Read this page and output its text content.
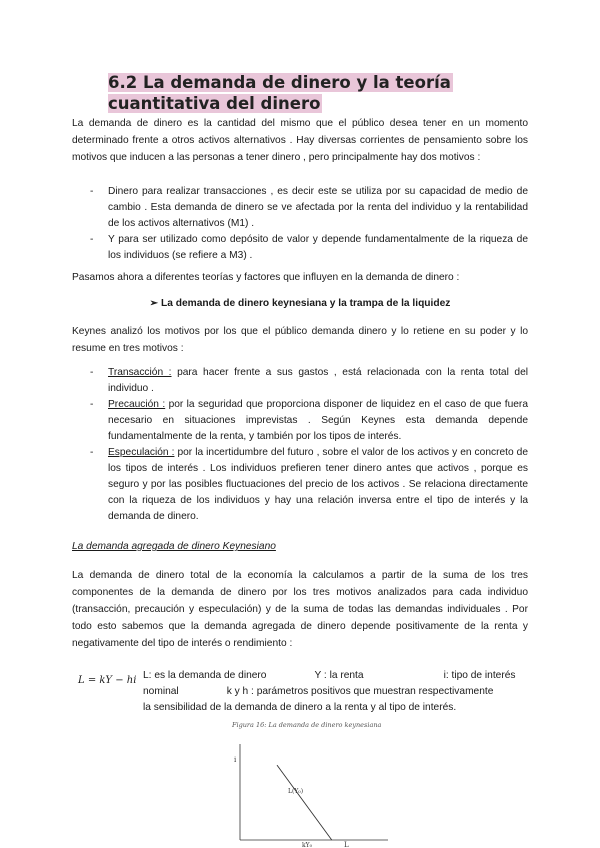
6.2 La demanda de dinero y la teoría cuantitativa del dinero
La demanda de dinero es la cantidad del mismo que el público desea tener en un momento determinado frente a otros activos alternativos . Hay diversas corrientes de pensamiento sobre los motivos que inducen a las personas a tener dinero , pero principalmente hay dos motivos :
- Dinero para realizar transacciones , es decir este se utiliza por su capacidad de medio de cambio . Esta demanda de dinero se ve afectada por la renta del individuo y la rentabilidad de los activos alternativos (M1) .
- Y para ser utilizado como depósito de valor y depende fundamentalmente de la riqueza de los individuos (se refiere a M3) .
Pasamos ahora a diferentes teorías y factores que influyen en la demanda de dinero :
➢ La demanda de dinero keynesiana y la trampa de la liquidez
Keynes analizó los motivos por los que el público demanda dinero y lo retiene en su poder y lo resume en tres motivos :
- Transacción : para hacer frente a sus gastos , está relacionada con la renta total del individuo .
- Precaución : por la seguridad que proporciona disponer de liquidez en el caso de que fuera necesario en situaciones imprevistas . Según Keynes esta demanda depende fundamentalmente de la renta, y también por los tipos de interés.
- Especulación : por la incertidumbre del futuro , sobre el valor de los activos y en concreto de los tipos de interés . Los individuos prefieren tener dinero antes que activos , porque es seguro y por las posibles fluctuaciones del precio de los activos . Se relaciona directamente con la riqueza de los individuos y hay una relación inversa entre el tipo de interés y la demanda de dinero.
La demanda agregada de dinero Keynesiano
La demanda de dinero total de la economía la calculamos a partir de la suma de los tres componentes de la demanda de dinero por los tres motivos analizados para cada individuo (transacción, precaución y especulación) y de la suma de todas las demandas individuales . Por todo esto sabemos que la demanda agregada de dinero depende positivamente de la renta y negativamente del tipo de interés o rendimiento :
L = kY − hi L: es la demanda de dinero	Y : la renta	i: tipo de interés
nominal	k y h : parámetros positivos que muestran respectivamente
la sensibilidad de la demanda de dinero a la renta y al tipo de interés.
Figura 16: La demanda de dinero keynesiana
i
L
L(Y₀)
kY₀
